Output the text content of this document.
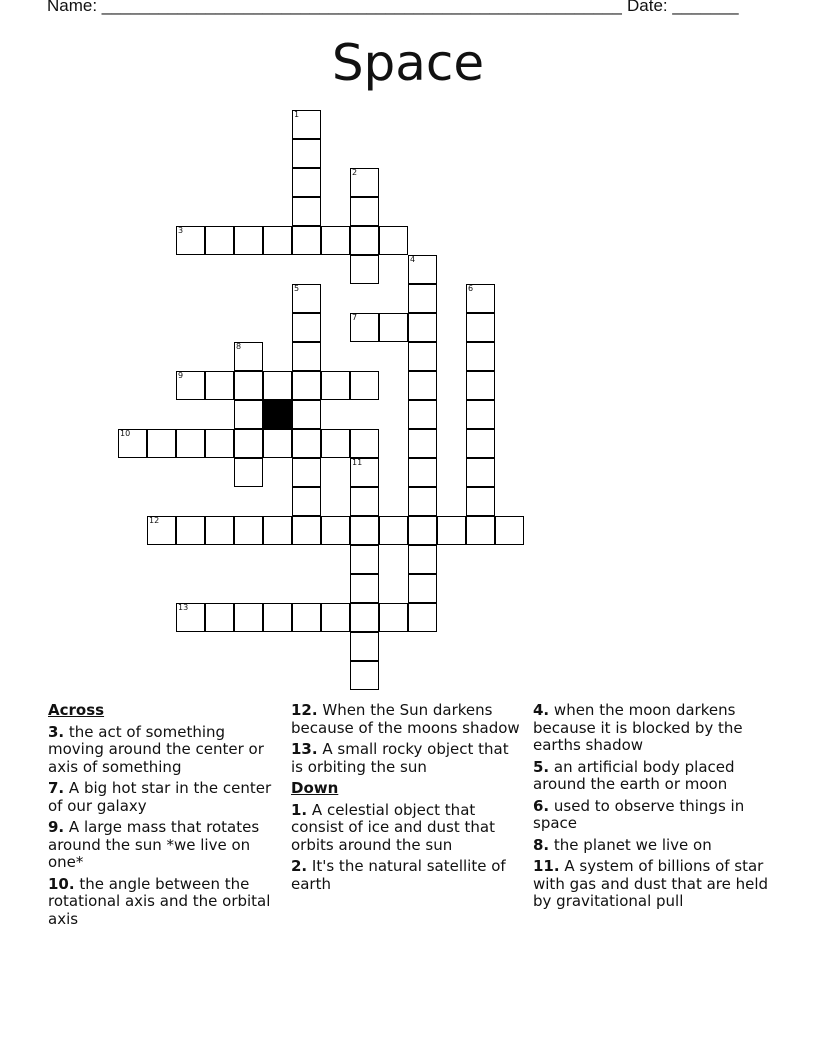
Name: _______________________________________________________ Date: _______
Space
1
2
3
4
5	6
7
8
9
10
11
12
13
Across
3. the act of something moving around the center or axis of something
7. A big hot star in the center of our galaxy
9. A large mass that rotates around the sun *we live on one*
10. the angle between the rotational axis and the orbital axis
12. When the Sun darkens because of the moons shadow
13. A small rocky object that is orbiting the sun
Down
1. A celestial object that consist of ice and dust that orbits around the sun
2. It's the natural satellite of earth
4. when the moon darkens because it is blocked by the earths shadow
5. an artificial body placed around the earth or moon
6. used to observe things in space
8. the planet we live on
11. A system of billions of star with gas and dust that are held by gravitational pull
